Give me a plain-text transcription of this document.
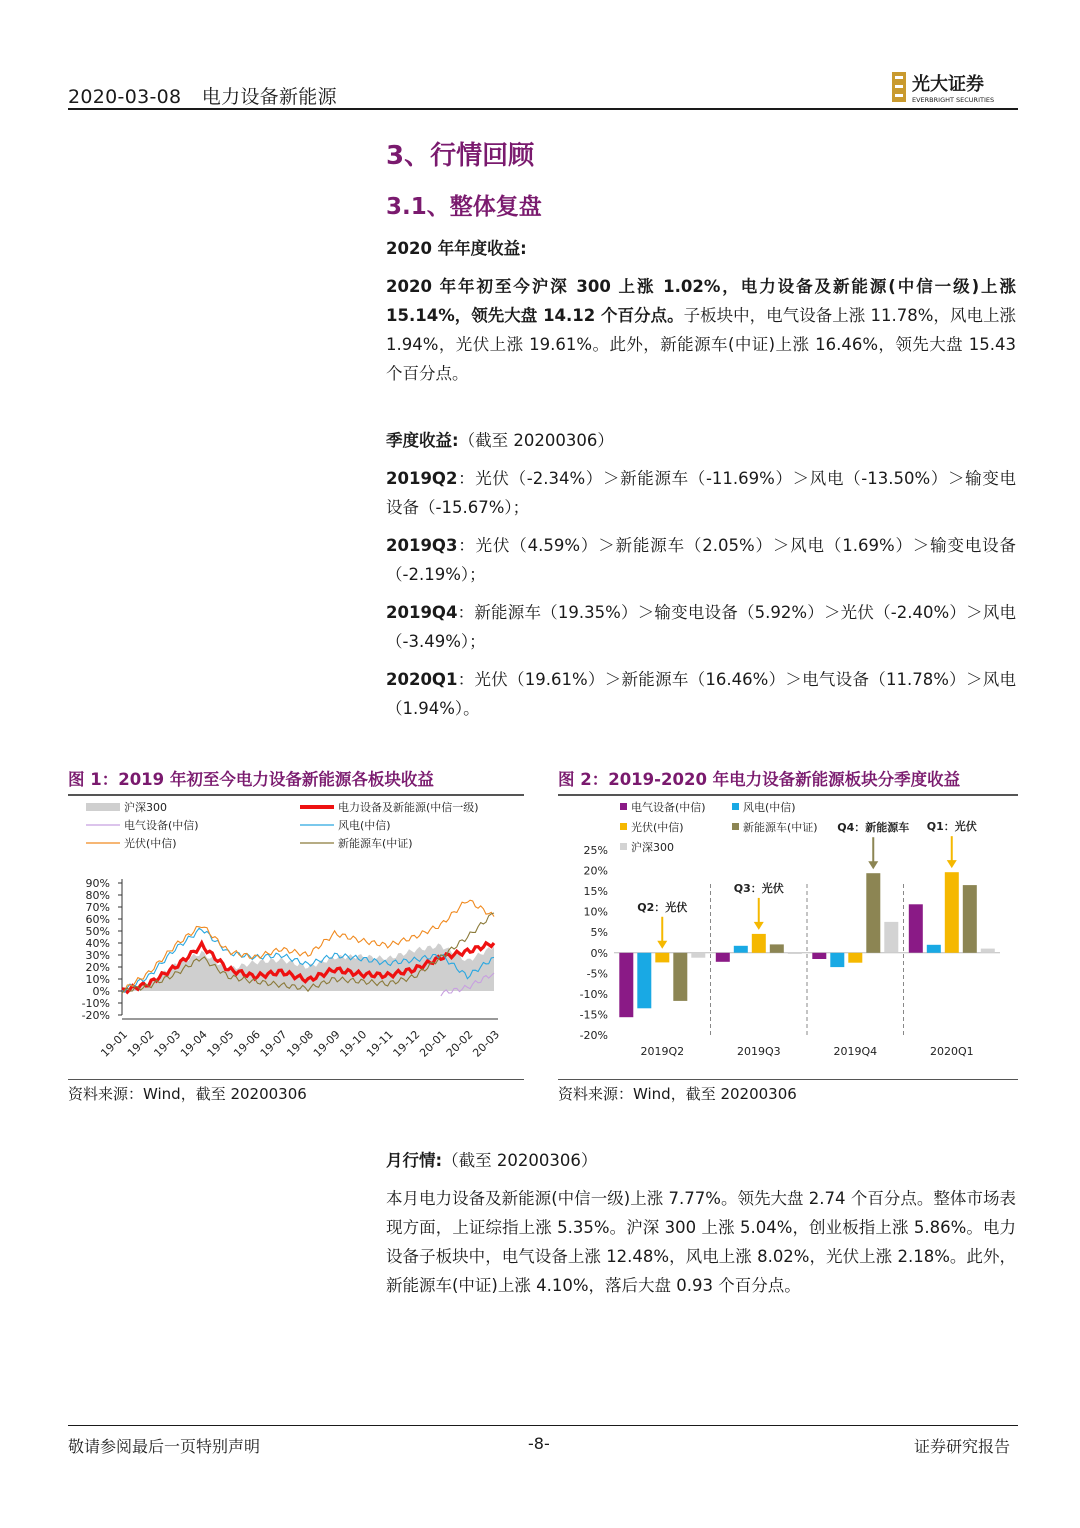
2020-03-08 电力设备新能源
光大证券
EVERBRIGHT SECURITIES
3、行情回顾
3.1、整体复盘

2020 年年度收益:

2020 年年初至今沪深 300 上涨 1.02%，电力设备及新能源(中信一级)上涨 15.14%，领先大盘 14.12 个百分点。子板块中，电气设备上涨 11.78%，风电上涨 1.94%，光伏上涨 19.61%。此外，新能源车(中证)上涨 16.46%，领先大盘 15.43 个百分点。

季度收益:（截至 20200306）

2019Q2：光伏（-2.34%）＞新能源车（-11.69%）＞风电（-13.50%）＞输变电设备（-15.67%）；

2019Q3：光伏（4.59%）＞新能源车（2.05%）＞风电（1.69%）＞输变电设备（-2.19%）；

2019Q4：新能源车（19.35%）＞输变电设备（5.92%）＞光伏（-2.40%）＞风电（-3.49%）；

2020Q1：光伏（19.61%）＞新能源车（16.46%）＞电气设备（11.78%）＞风电（1.94%）。

图 1：2019 年初至今电力设备新能源各板块收益
沪深300	电力设备及新能源(中信一级)
电气设备(中信)	风电(中信)
光伏(中信)	新能源车(中证)
90%
80%
70%
60%
50%
40%
30%
20%
10%
0%
-10%
-20%
19-01
19-02
19-03
19-04
19-05
19-06
19-07
19-08
19-09
19-10
19-11
19-12
20-01
20-02
20-03
资料来源：Wind，截至 20200306
图 2：2019-2020 年电力设备新能源板块分季度收益
电气设备(中信)	风电(中信)
光伏(中信)	新能源车(中证)
沪深300
25%
20%
15%
10%
5%
0%
-5%
-10%
-15%
-20%
2019Q2	2019Q3	2019Q4	2020Q1
Q2：光伏
Q3：光伏
Q4：新能源车 Q1：光伏
资料来源：Wind，截至 20200306

月行情:（截至 20200306）

本月电力设备及新能源(中信一级)上涨 7.77%。领先大盘 2.74 个百分点。整体市场表现方面，上证综指上涨 5.35%。沪深 300 上涨 5.04%，创业板指上涨 5.86%。电力设备子板块中，电气设备上涨 12.48%，风电上涨 8.02%，光伏上涨 2.18%。此外，新能源车(中证)上涨 4.10%，落后大盘 0.93 个百分点。

敬请参阅最后一页特别声明	-8-	证券研究报告
